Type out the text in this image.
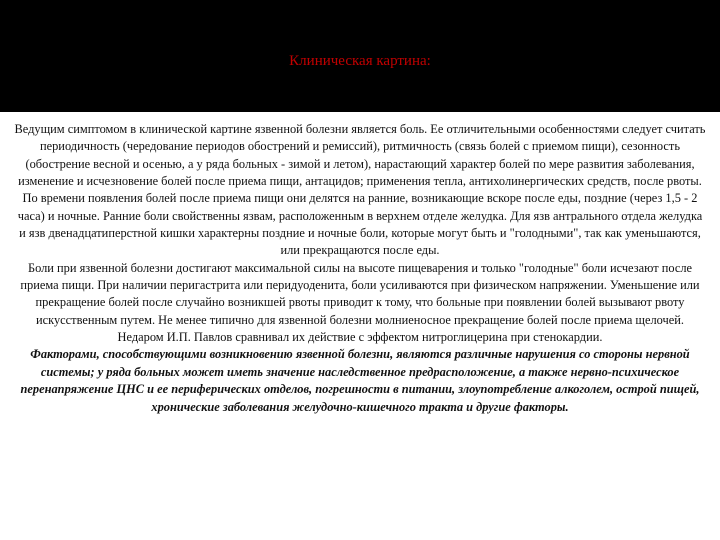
Клиническая картина:

Ведущим симптомом в клинической картине язвенной болезни является боль. Ее отличительными особенностями следует считать периодичность (чередование периодов обострений и ремиссий), ритмичность (связь болей с приемом пищи), сезонность (обострение весной и осенью, а у ряда больных - зимой и летом), нарастающий характер болей по мере развития заболевания, изменение и исчезновение болей после приема пищи, антацидов; применения тепла, антихолинергических средств, после рвоты.

По времени появления болей после приема пищи они делятся на ранние, возникающие вскоре после еды, поздние (через 1,5 - 2 часа) и ночные. Ранние боли свойственны язвам, расположенным в верхнем отделе желудка. Для язв антрального отдела желудка и язв двенадцатиперстной кишки характерны поздние и ночные боли, которые могут быть и "голодными", так как уменьшаются, или прекращаются после еды.

Боли при язвенной болезни достигают максимальной силы на высоте пищеварения и только "голодные" боли исчезают после приема пищи. При наличии перигастрита или перидуоденита, боли усиливаются при физическом напряжении. Уменьшение или прекращение болей после случайно возникшей рвоты приводит к тому, что больные при появлении болей вызывают рвоту искусственным путем. Не менее типично для язвенной болезни молниеносное прекращение болей после приема щелочей. Недаром И.П. Павлов сравнивал их действие с эффектом нитроглицерина при стенокардии.

Факторами, способствующими возникновению язвенной болезни, являются различные нарушения со стороны нервной системы; у ряда больных может иметь значение наследственное предрасположение, а также нервно-психическое перенапряжение ЦНС и ее периферических отделов, погрешности в питании, злоупотребление алкоголем, острой пищей, хронические заболевания желудочно-кишечного тракта и другие факторы.
